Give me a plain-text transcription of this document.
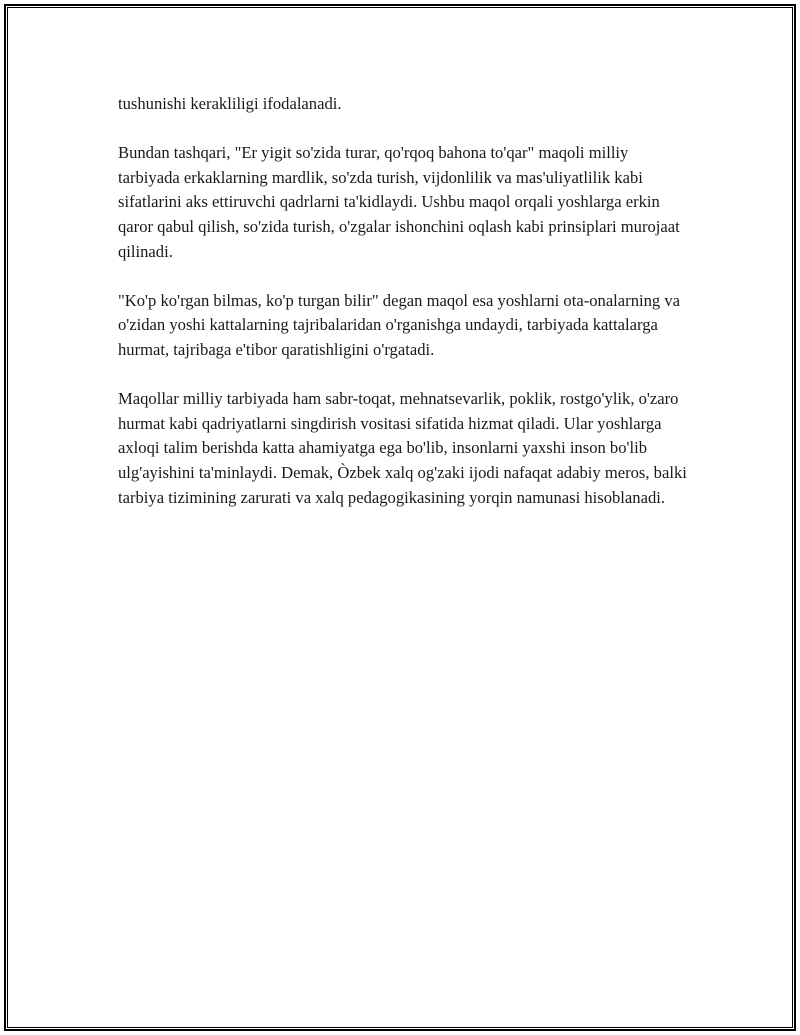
tushunishi kerakliligi ifodalanadi.

Bundan tashqari, "Er yigit so'zida turar, qo'rqoq bahona to'qar" maqoli milliy tarbiyada erkaklarning mardlik, so'zda turish, vijdonlilik va mas'uliyatlilik kabi sifatlarini aks ettiruvchi qadrlarni ta'kidlaydi. Ushbu maqol orqali yoshlarga erkin qaror qabul qilish, so'zida turish, o'zgalar ishonchini oqlash kabi prinsiplari murojaat qilinadi.

"Ko'p ko'rgan bilmas, ko'p turgan bilir" degan maqol esa yoshlarni ota-onalarning va o'zidan yoshi kattalarning tajribalaridan o'rganishga undaydi, tarbiyada kattalarga hurmat, tajribaga e'tibor qaratishligini o'rgatadi.

Maqollar milliy tarbiyada ham sabr-toqat, mehnatsevarlik, poklik, rostgo'ylik, o'zaro hurmat kabi qadriyatlarni singdirish vositasi sifatida hizmat qiladi. Ular yoshlarga axloqi talim berishda katta ahamiyatga ega bo'lib, insonlarni yaxshi inson bo'lib ulg'ayishini ta'minlaydi. Demak, Òzbek xalq og'zaki ijodi nafaqat adabiy meros, balki tarbiya tizimining zarurati va xalq pedagogikasining yorqin namunasi hisoblanadi.
